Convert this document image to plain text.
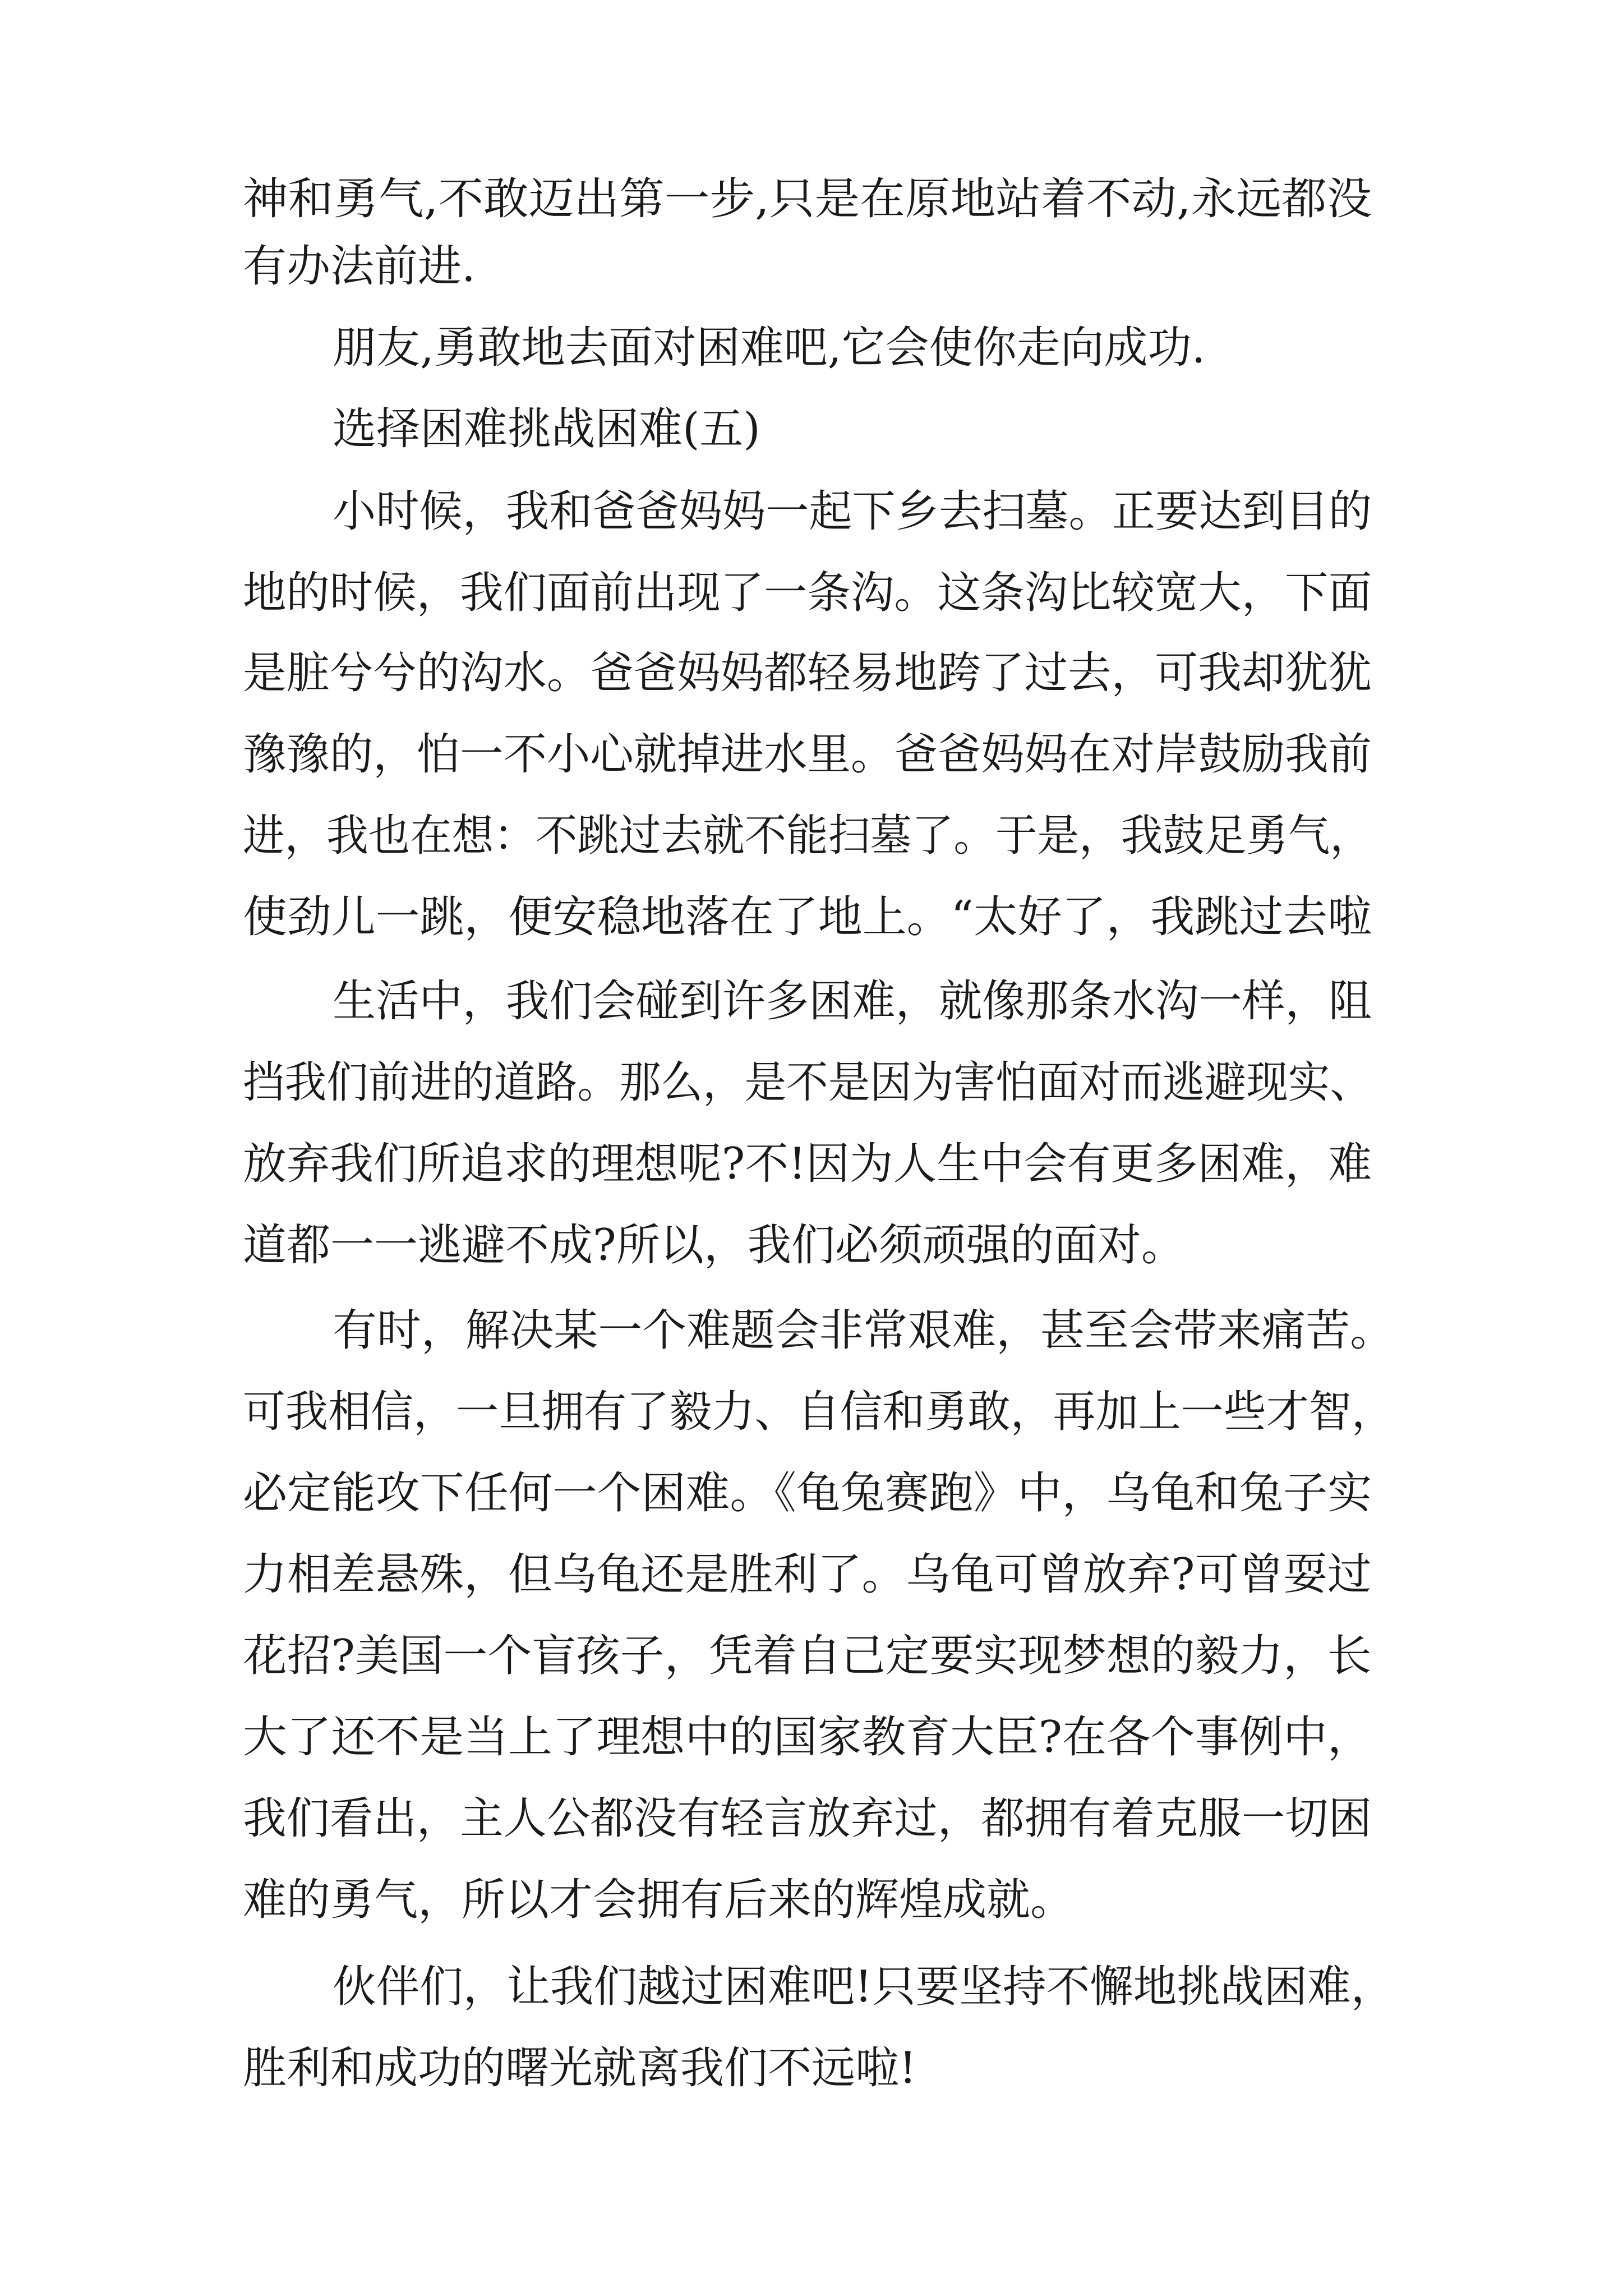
神和勇气,不敢迈出第一步,只是在原地站着不动,永远都没
有办法前进.
朋友,勇敢地去面对困难吧,它会使你走向成功.
选择困难挑战困难(五)
小时候，我和爸爸妈妈一起下乡去扫墓。正要达到目的
地的时候，我们面前出现了一条沟。这条沟比较宽大，下面
是脏兮兮的沟水。爸爸妈妈都轻易地跨了过去，可我却犹犹
豫豫的，怕一不小心就掉进水里。爸爸妈妈在对岸鼓励我前
进，我也在想：不跳过去就不能扫墓了。于是，我鼓足勇气，
使劲儿一跳，便安稳地落在了地上。“太好了，我跳过去啦
生活中，我们会碰到许多困难，就像那条水沟一样，阻
挡我们前进的道路。那么，是不是因为害怕面对而逃避现实、
放弃我们所追求的理想呢?不!因为人生中会有更多困难，难
道都一一逃避不成?所以，我们必须顽强的面对。
有时，解决某一个难题会非常艰难，甚至会带来痛苦。
可我相信，一旦拥有了毅力、自信和勇敢，再加上一些才智，
必定能攻下任何一个困难。《龟兔赛跑》中，乌龟和兔子实
力相差悬殊，但乌龟还是胜利了。乌龟可曾放弃?可曾耍过
花招?美国一个盲孩子，凭着自己定要实现梦想的毅力，长
大了还不是当上了理想中的国家教育大臣?在各个事例中，
我们看出，主人公都没有轻言放弃过，都拥有着克服一切困
难的勇气，所以才会拥有后来的辉煌成就。
伙伴们，让我们越过困难吧!只要坚持不懈地挑战困难，
胜利和成功的曙光就离我们不远啦!
